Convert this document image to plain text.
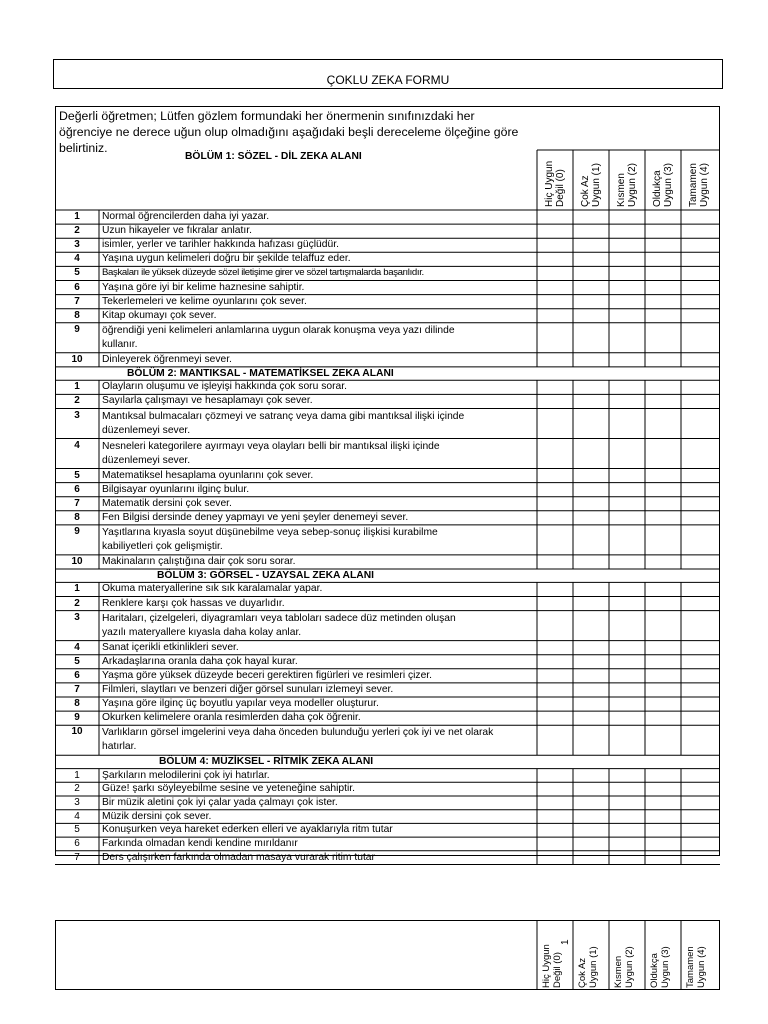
ÇOKLU ZEKA FORMU
Değerli öğretmen; Lütfen gözlem formundaki her önermenin sınıfınızdaki her öğrenciye ne derece uğun olup olmadığını aşağıdaki beşli dereceleme ölçeğine göre belirtiniz.
Hiç Uygun Değil (0) Çok Az Uygun (1) Kısmen Uygun (2) Oldukça Uygun (3) Tamamen Uygun (4)
BÖLÜM 1: SÖZEL - DİL ZEKA ALANI
1	Normal öğrencilerden daha iyi yazar.
2	Uzun hikayeler ve fıkralar anlatır.
3	isimler, yerler ve tarihler hakkında hafızası güçlüdür.
4	Yaşına uygun kelimeleri doğru bir şekilde telaffuz eder.
5	Başkaları ile yüksek düzeyde sözel iletişime girer ve sözel tartışmalarda başarılıdır.
6	Yaşına göre iyi bir kelime haznesine sahiptir.
7	Tekerlemeleri ve kelime oyunlarını çok sever.
8	Kitap okumayı çok sever.
9	öğrendiği yeni kelimeleri anlamlarına uygun olarak konuşma veya yazı dilinde
kullanır.
10	Dinleyerek öğrenmeyi sever.
BÖLÜM 2: MANTIKSAL - MATEMATİKSEL ZEKA ALANI
1	Olayların oluşumu ve işleyişi hakkında çok soru sorar.
2	Sayılarla çalışmayı ve hesaplamayı çok sever.
3	Mantıksal bulmacaları çözmeyi ve satranç veya dama gibi mantıksal ilişki içinde
düzenlemeyi sever.
4	Nesneleri kategorilere ayırmayı veya olayları belli bir mantıksal ilişki içinde
düzenlemeyi sever.
5	Matematiksel hesaplama oyunlarını çok sever.
6	Bilgisayar oyunlarını ilginç bulur.
7	Matematik dersini çok sever.
8	Fen Bilgisi dersinde deney yapmayı ve yeni şeyler denemeyi sever.
9	Yaşıtlarına kıyasla soyut düşünebilme veya sebep-sonuç ilişkisi kurabilme
kabiliyetleri çok gelişmiştir.
10	Makinaların çalıştığına dair çok soru sorar.
BÖLÜM 3: GÖRSEL - UZAYSAL ZEKA ALANI
1	Okuma materyallerine sık sık karalamalar yapar.
2	Renklere karşı çok hassas ve duyarlıdır.
3	Haritaları, çizelgeleri, diyagramları veya tabloları sadece düz metinden oluşan
yazılı materyallere kıyasla daha kolay anlar.
4	Sanat içerikli etkinlikleri sever.
5	Arkadaşlarına oranla daha çok hayal kurar.
6	Yaşma göre yüksek düzeyde beceri gerektiren figürleri ve resimleri çizer.
7	Filmleri, slaytları ve benzeri diğer görsel sunuları izlemeyi sever.
8	Yaşına göre ilginç üç boyutlu yapılar veya modeller oluşturur.
9	Okurken kelimelere oranla resimlerden daha çok öğrenir.
10	Varlıkların görsel imgelerini veya daha önceden bulunduğu yerleri çok iyi ve net olarak
hatırlar.
BÖLÜM 4: MÜZİKSEL - RİTMİK ZEKA ALANI
1	Şarkıların melodilerini çok iyi hatırlar.
2	Güze! şarkı söyleyebilme sesine ve yeteneğine sahiptir.
3	Bir müzik aletini çok iyi çalar yada çalmayı çok ister.
4	Müzik dersini çok sever.
5	Konuşurken veya hareket ederken elleri ve ayaklarıyla ritm tutar
6	Farkında olmadan kendi kendine mırıldanır
7	Ders çalışırken farkında olmadan masaya vurarak ritim tutar
Hiç Uygun Değil (0) Çok Az Uygun (1) Kısmen Uygun (2) Oldukça Uygun (3) Tamamen Uygun (4)
1
